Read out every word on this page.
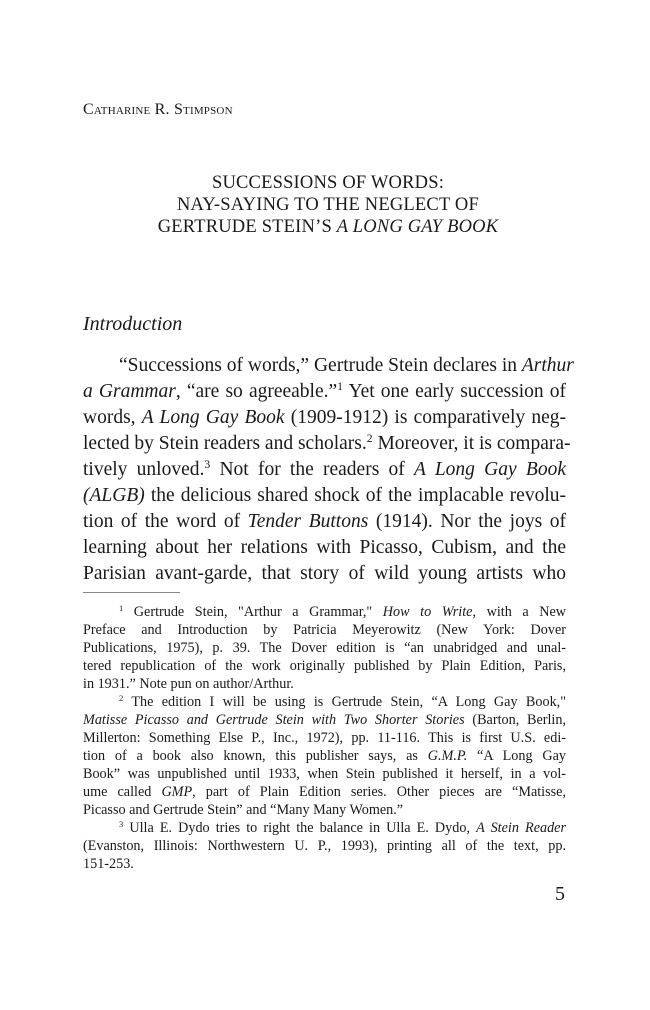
Catharine R. Stimpson
SUCCESSIONS OF WORDS:
NAY-SAYING TO THE NEGLECT OF
GERTRUDE STEIN’S A LONG GAY BOOK
Introduction
“Successions of words,” Gertrude Stein declares in Arthur
a Grammar, “are so agreeable.”$^1$ Yet one early succession of
words, A Long Gay Book (1909-1912) is comparatively neg-
lected by Stein readers and scholars.$^2$ Moreover, it is compara-
tively unloved.$^3$ Not for the readers of A Long Gay Book
(ALGB) the delicious shared shock of the implacable revolu-
tion of the word of Tender Buttons (1914). Nor the joys of
learning about her relations with Picasso, Cubism, and the
Parisian avant-garde, that story of wild young artists who
$^1$ Gertrude Stein, "Arthur a Grammar," How to Write, with a New
Preface and Introduction by Patricia Meyerowitz (New York: Dover
Publications, 1975), p. 39. The Dover edition is “an unabridged and unal-
tered republication of the work originally published by Plain Edition, Paris,
in 1931.” Note pun on author/Arthur.
$^2$ The edition I will be using is Gertrude Stein, “A Long Gay Book,"
Matisse Picasso and Gertrude Stein with Two Shorter Stories (Barton, Berlin,
Millerton: Something Else P., Inc., 1972), pp. 11-116. This is first U.S. edi-
tion of a book also known, this publisher says, as G.M.P. “A Long Gay
Book” was unpublished until 1933, when Stein published it herself, in a vol-
ume called GMP, part of Plain Edition series. Other pieces are “Matisse,
Picasso and Gertrude Stein” and “Many Many Women.”
$^3$ Ulla E. Dydo tries to right the balance in Ulla E. Dydo, A Stein Reader
(Evanston, Illinois: Northwestern U. P., 1993), printing all of the text, pp.
151-253.
5
